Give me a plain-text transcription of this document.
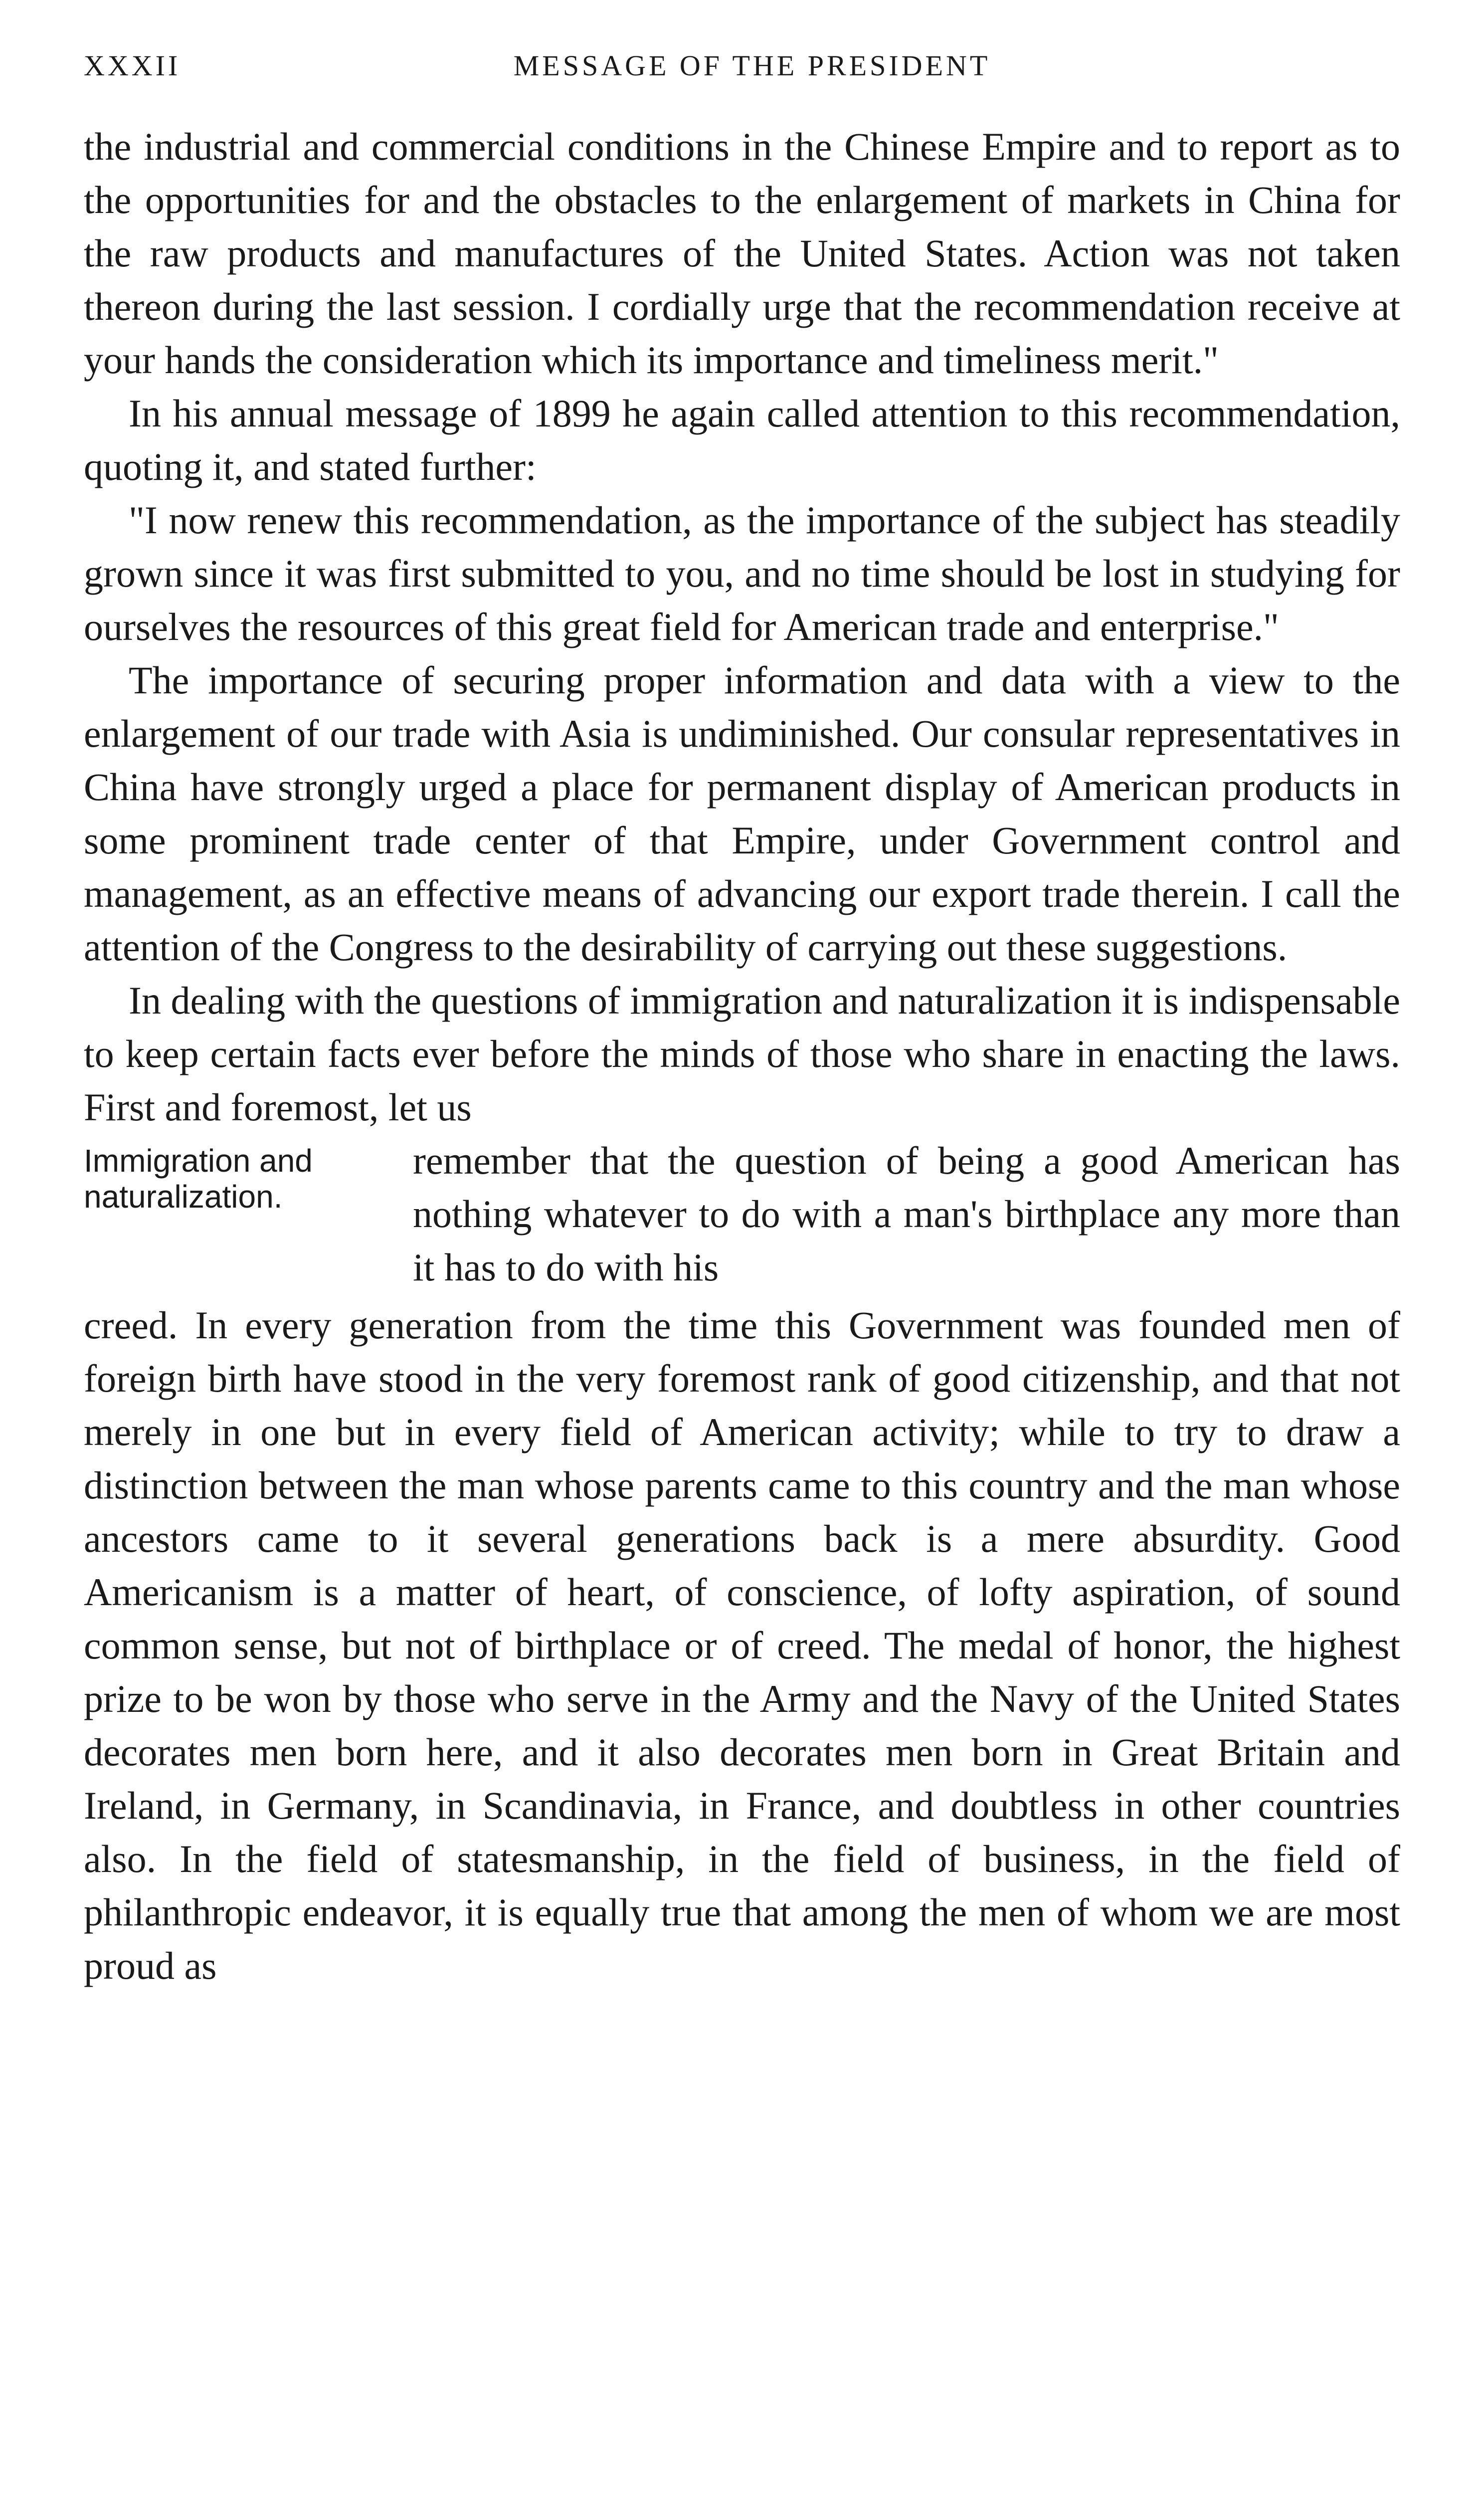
XXXII	MESSAGE OF THE PRESIDENT

the industrial and commercial conditions in the Chinese Empire and to report as to the opportunities for and the obstacles to the enlargement of markets in China for the raw products and manufactures of the United States. Action was not taken thereon during the last session. I cordially urge that the recommendation receive at your hands the consideration which its importance and timeliness merit."

In his annual message of 1899 he again called attention to this recommendation, quoting it, and stated further:

"I now renew this recommendation, as the importance of the subject has steadily grown since it was first submitted to you, and no time should be lost in studying for ourselves the resources of this great field for American trade and enterprise."

The importance of securing proper information and data with a view to the enlargement of our trade with Asia is undiminished. Our consular representatives in China have strongly urged a place for permanent display of American products in some prominent trade center of that Empire, under Government control and management, as an effective means of advancing our export trade therein. I call the attention of the Congress to the desirability of carrying out these suggestions.

In dealing with the questions of immigration and naturalization it is indispensable to keep certain facts ever before the minds of those who share in enacting the laws. First and foremost, let us

Immigration and
naturalization.

remember that the question of being a good American has nothing whatever to do with a man's birthplace any more than it has to do with his

creed. In every generation from the time this Government was founded men of foreign birth have stood in the very foremost rank of good citizenship, and that not merely in one but in every field of American activity; while to try to draw a distinction between the man whose parents came to this country and the man whose ancestors came to it several generations back is a mere absurdity. Good Americanism is a matter of heart, of conscience, of lofty aspiration, of sound common sense, but not of birthplace or of creed. The medal of honor, the highest prize to be won by those who serve in the Army and the Navy of the United States decorates men born here, and it also decorates men born in Great Britain and Ireland, in Germany, in Scandinavia, in France, and doubtless in other countries also. In the field of statesmanship, in the field of business, in the field of philanthropic endeavor, it is equally true that among the men of whom we are most proud as
